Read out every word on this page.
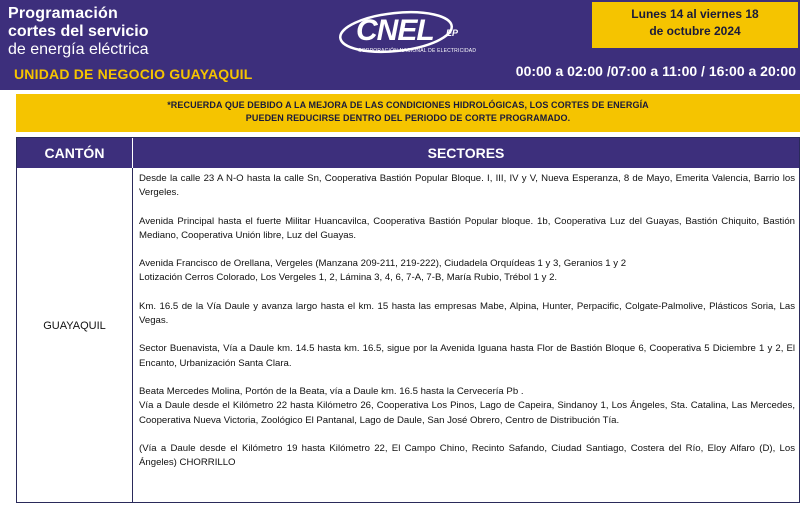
Programación
cortes del servicio
de energía eléctrica
UNIDAD DE NEGOCIO GUAYAQUIL
CNEL EP
CORPORACIÓN NACIONAL DE ELECTRICIDAD
Lunes 14 al viernes 18
de octubre 2024
00:00 a 02:00 /07:00 a 11:00 / 16:00 a 20:00
*RECUERDA QUE DEBIDO A LA MEJORA DE LAS CONDICIONES HIDROLÓGICAS, LOS CORTES DE ENERGÍA
PUEDEN REDUCIRSE DENTRO DEL PERIODO DE CORTE PROGRAMADO.
CANTÓN	SECTORES
GUAYAQUIL

Desde la calle 23 A N-O hasta la calle Sn, Cooperativa Bastión Popular Bloque. I, III, IV y V, Nueva Esperanza, 8 de Mayo, Emerita Valencia, Barrio los Vergeles.

Avenida Principal hasta el fuerte Militar Huancavilca, Cooperativa Bastión Popular bloque. 1b, Cooperativa Luz del Guayas, Bastión Chiquito, Bastión Mediano, Cooperativa Unión libre, Luz del Guayas.

Avenida Francisco de Orellana, Vergeles (Manzana 209-211, 219-222), Ciudadela Orquídeas 1 y 3, Geranios 1 y 2

Lotización Cerros Colorado, Los Vergeles 1, 2, Lámina 3, 4, 6, 7-A, 7-B, María Rubio, Trébol 1 y 2.

Km. 16.5 de la Vía Daule y avanza largo hasta el km. 15 hasta las empresas Mabe, Alpina, Hunter, Perpacific, Colgate-Palmolive, Plásticos Soria, Las Vegas.

Sector Buenavista, Vía a Daule km. 14.5 hasta km. 16.5, sigue por la Avenida Iguana hasta Flor de Bastión Bloque 6, Cooperativa 5 Diciembre 1 y 2, El Encanto, Urbanización Santa Clara.

Beata Mercedes Molina, Portón de la Beata, vía a Daule km. 16.5 hasta la Cervecería Pb .

Vía a Daule desde el Kilómetro 22 hasta Kilómetro 26, Cooperativa Los Pinos, Lago de Capeira, Sindanoy 1, Los Ángeles, Sta. Catalina, Las Mercedes, Cooperativa Nueva Victoria, Zoológico El Pantanal, Lago de Daule, San José Obrero, Centro de Distribución Tía.

(Vía a Daule desde el Kilómetro 19 hasta Kilómetro 22, El Campo Chino, Recinto Safando, Ciudad Santiago, Costera del Río, Eloy Alfaro (D), Los Ángeles) CHORRILLO
